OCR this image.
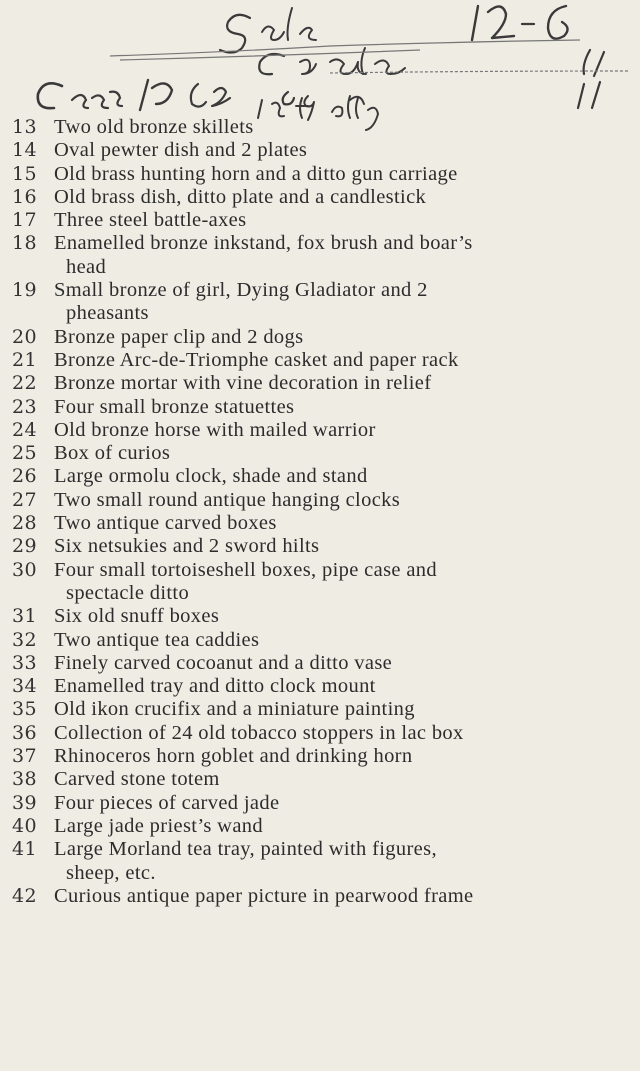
13 Two old bronze skillets
14 Oval pewter dish and 2 plates
15 Old brass hunting horn and a ditto gun carriage
16 Old brass dish, ditto plate and a candlestick
17 Three steel battle-axes
18 Enamelled bronze inkstand, fox brush and boar’s
head
19 Small bronze of girl, Dying Gladiator and 2
pheasants
20 Bronze paper clip and 2 dogs
21 Bronze Arc-de-Triomphe casket and paper rack
22 Bronze mortar with vine decoration in relief
23 Four small bronze statuettes
24 Old bronze horse with mailed warrior
25 Box of curios
26 Large ormolu clock, shade and stand
27 Two small round antique hanging clocks
28 Two antique carved boxes
29 Six netsukies and 2 sword hilts
30 Four small tortoiseshell boxes, pipe case and
spectacle ditto
31 Six old snuff boxes
32 Two antique tea caddies
33 Finely carved cocoanut and a ditto vase
34 Enamelled tray and ditto clock mount
35 Old ikon crucifix and a miniature painting
36 Collection of 24 old tobacco stoppers in lac box
37 Rhinoceros horn goblet and drinking horn
38 Carved stone totem
39 Four pieces of carved jade
40 Large jade priest’s wand
41 Large Morland tea tray, painted with figures,
sheep, etc.
42 Curious antique paper picture in pearwood frame
